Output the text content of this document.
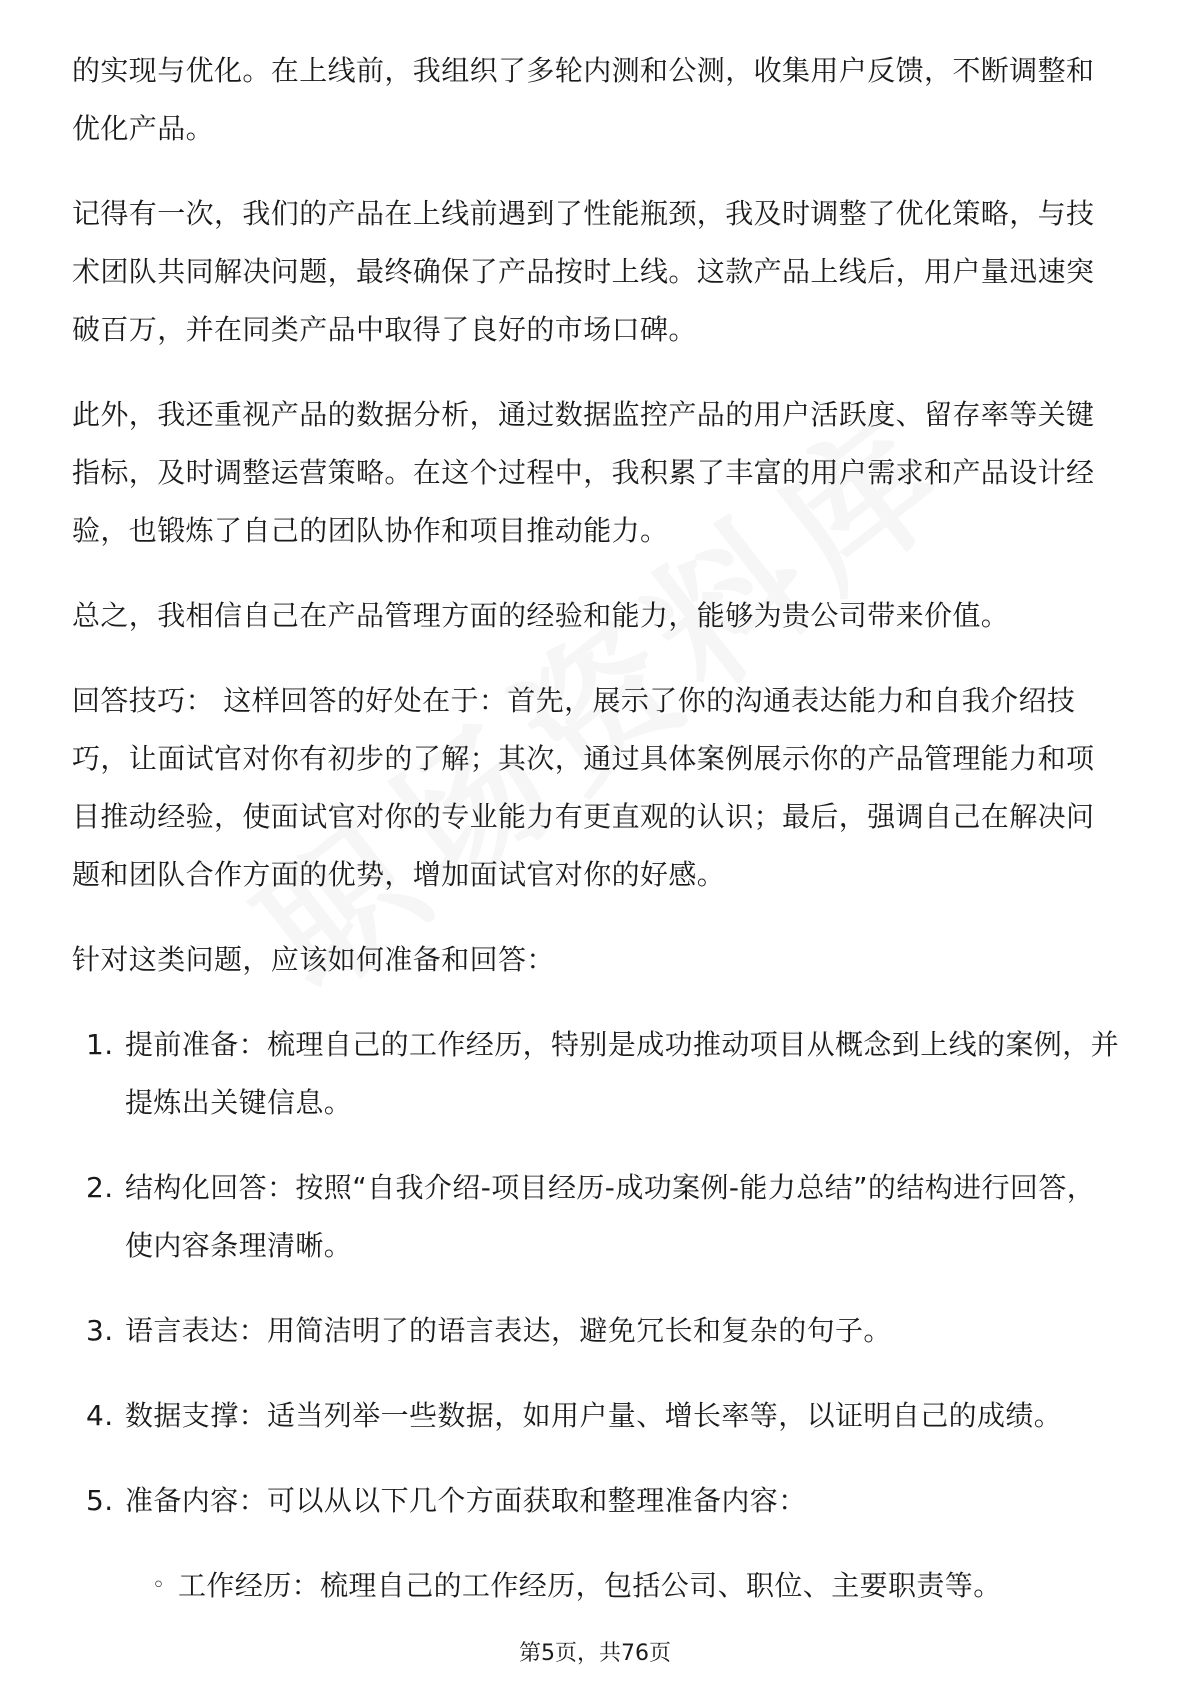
的实现与优化。在上线前，我组织了多轮内测和公测，收集用户反馈，不断调整和优化产品。

记得有一次，我们的产品在上线前遇到了性能瓶颈，我及时调整了优化策略，与技术团队共同解决问题，最终确保了产品按时上线。这款产品上线后，用户量迅速突破百万，并在同类产品中取得了良好的市场口碑。

此外，我还重视产品的数据分析，通过数据监控产品的用户活跃度、留存率等关键指标，及时调整运营策略。在这个过程中，我积累了丰富的用户需求和产品设计经验，也锻炼了自己的团队协作和项目推动能力。

总之，我相信自己在产品管理方面的经验和能力，能够为贵公司带来价值。

回答技巧： 这样回答的好处在于：首先，展示了你的沟通表达能力和自我介绍技巧，让面试官对你有初步的了解；其次，通过具体案例展示你的产品管理能力和项目推动经验，使面试官对你的专业能力有更直观的认识；最后，强调自己在解决问题和团队合作方面的优势，增加面试官对你的好感。

针对这类问题，应该如何准备和回答：

1. 提前准备：梳理自己的工作经历，特别是成功推动项目从概念到上线的案例，并提炼出关键信息。
2. 结构化回答：按照“自我介绍-项目经历-成功案例-能力总结”的结构进行回答，使内容条理清晰。
3. 语言表达：用简洁明了的语言表达，避免冗长和复杂的句子。
4. 数据支撑：适当列举一些数据，如用户量、增长率等，以证明自己的成绩。
5. 准备内容：可以从以下几个方面获取和整理准备内容：
◦ 工作经历：梳理自己的工作经历，包括公司、职位、主要职责等。
第5页，共76页
